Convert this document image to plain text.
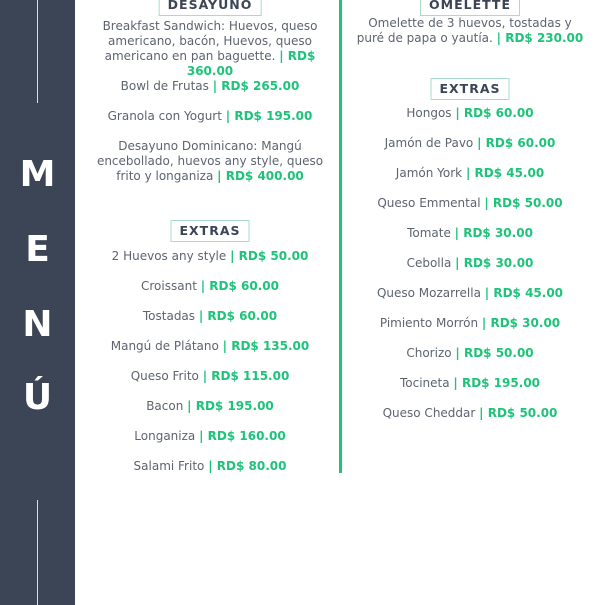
M
E
N
Ú
DESAYUNO
Breakfast Sandwich: Huevos, queso americano, bacón, Huevos, queso americano en pan baguette. | RD$ 360.00
Bowl de Frutas | RD$ 265.00
Granola con Yogurt | RD$ 195.00
Desayuno Dominicano: Mangú encebollado, huevos any style, queso frito y longaniza | RD$ 400.00
EXTRAS
2 Huevos any style | RD$ 50.00
Croissant | RD$ 60.00
Tostadas | RD$ 60.00
Mangú de Plátano | RD$ 135.00
Queso Frito | RD$ 115.00
Bacon | RD$ 195.00
Longaniza | RD$ 160.00
Salami Frito | RD$ 80.00
OMELETTE
Omelette de 3 huevos, tostadas y puré de papa o yautía. | RD$ 230.00
EXTRAS
Hongos | RD$ 60.00
Jamón de Pavo | RD$ 60.00
Jamón York | RD$ 45.00
Queso Emmental | RD$ 50.00
Tomate | RD$ 30.00
Cebolla | RD$ 30.00
Queso Mozarrella | RD$ 45.00
Pimiento Morrón | RD$ 30.00
Chorizo | RD$ 50.00
Tocineta | RD$ 195.00
Queso Cheddar | RD$ 50.00
